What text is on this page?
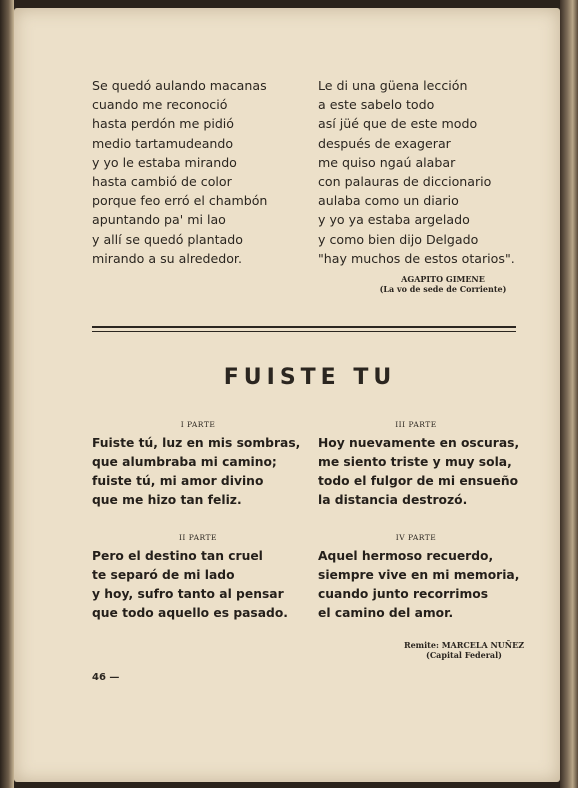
Se quedó aulando macanas
cuando me reconoció
hasta perdón me pidió
medio tartamudeando
y yo le estaba mirando
hasta cambió de color
porque feo erró el chambón
apuntando pa' mi lao
y allí se quedó plantado
mirando a su alrededor.
Le di una güena lección
a este sabelo todo
así jüé que de este modo
después de exagerar
me quiso ngaú alabar
con palauras de diccionario
aulaba como un diario
y yo ya estaba argelado
y como bien dijo Delgado
"hay muchos de estos otarios".
AGAPITO GIMENE
(La vo de sede de Corriente)
FUISTE TU
I PARTE
Fuiste tú, luz en mis sombras,
que alumbraba mi camino;
fuiste tú, mi amor divino
que me hizo tan feliz.
II PARTE
Pero el destino tan cruel
te separó de mi lado
y hoy, sufro tanto al pensar
que todo aquello es pasado.
III PARTE
Hoy nuevamente en oscuras,
me siento triste y muy sola,
todo el fulgor de mi ensueño
la distancia destrozó.
IV PARTE
Aquel hermoso recuerdo,
siempre vive en mi memoria,
cuando junto recorrimos
el camino del amor.
Remite: MARCELA NUÑEZ
(Capital Federal)
46 —
